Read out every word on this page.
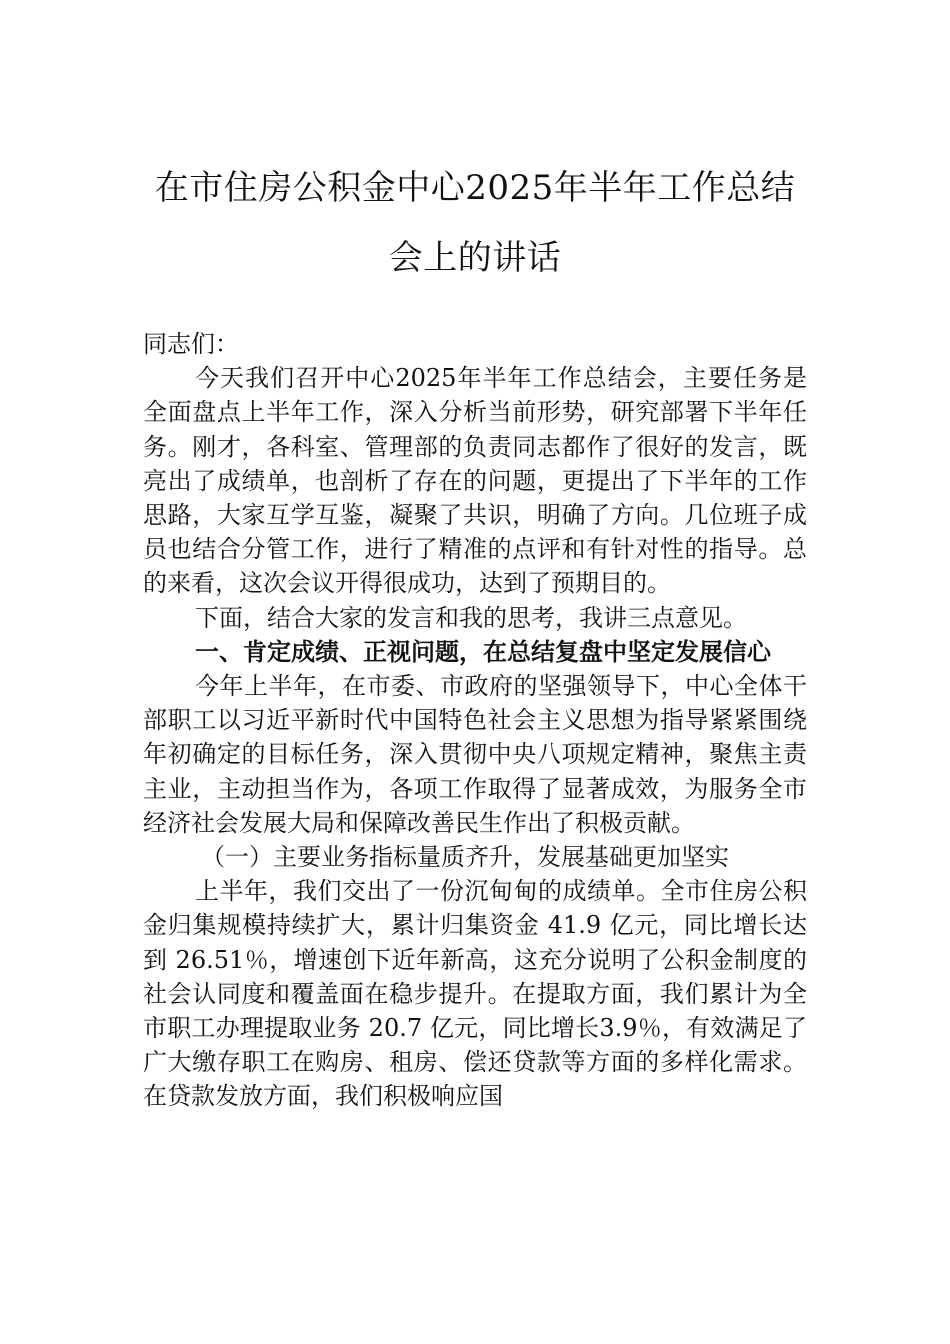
在市住房公积金中心2025年半年工作总结
会上的讲话

同志们：

今天我们召开中心2025年半年工作总结会，主要任务是全面盘点上半年工作，深入分析当前形势，研究部署下半年任务。刚才，各科室、管理部的负责同志都作了很好的发言，既亮出了成绩单，也剖析了存在的问题，更提出了下半年的工作思路，大家互学互鉴，凝聚了共识，明确了方向。几位班子成员也结合分管工作，进行了精准的点评和有针对性的指导。总的来看，这次会议开得很成功，达到了预期目的。

下面，结合大家的发言和我的思考，我讲三点意见。

一、肯定成绩、正视问题，在总结复盘中坚定发展信心

今年上半年，在市委、市政府的坚强领导下，中心全体干部职工以习近平新时代中国特色社会主义思想为指导紧紧围绕年初确定的目标任务，深入贯彻中央八项规定精神，聚焦主责主业，主动担当作为，各项工作取得了显著成效，为服务全市经济社会发展大局和保障改善民生作出了积极贡献。

（一）主要业务指标量质齐升，发展基础更加坚实

上半年，我们交出了一份沉甸甸的成绩单。全市住房公积金归集规模持续扩大，累计归集资金 41.9 亿元，同比增长达到 26.51％，增速创下近年新高，这充分说明了公积金制度的社会认同度和覆盖面在稳步提升。在提取方面，我们累计为全市职工办理提取业务 20.7 亿元，同比增长3.9％，有效满足了广大缴存职工在购房、租房、偿还贷款等方面的多样化需求。在贷款发放方面，我们积极响应国
